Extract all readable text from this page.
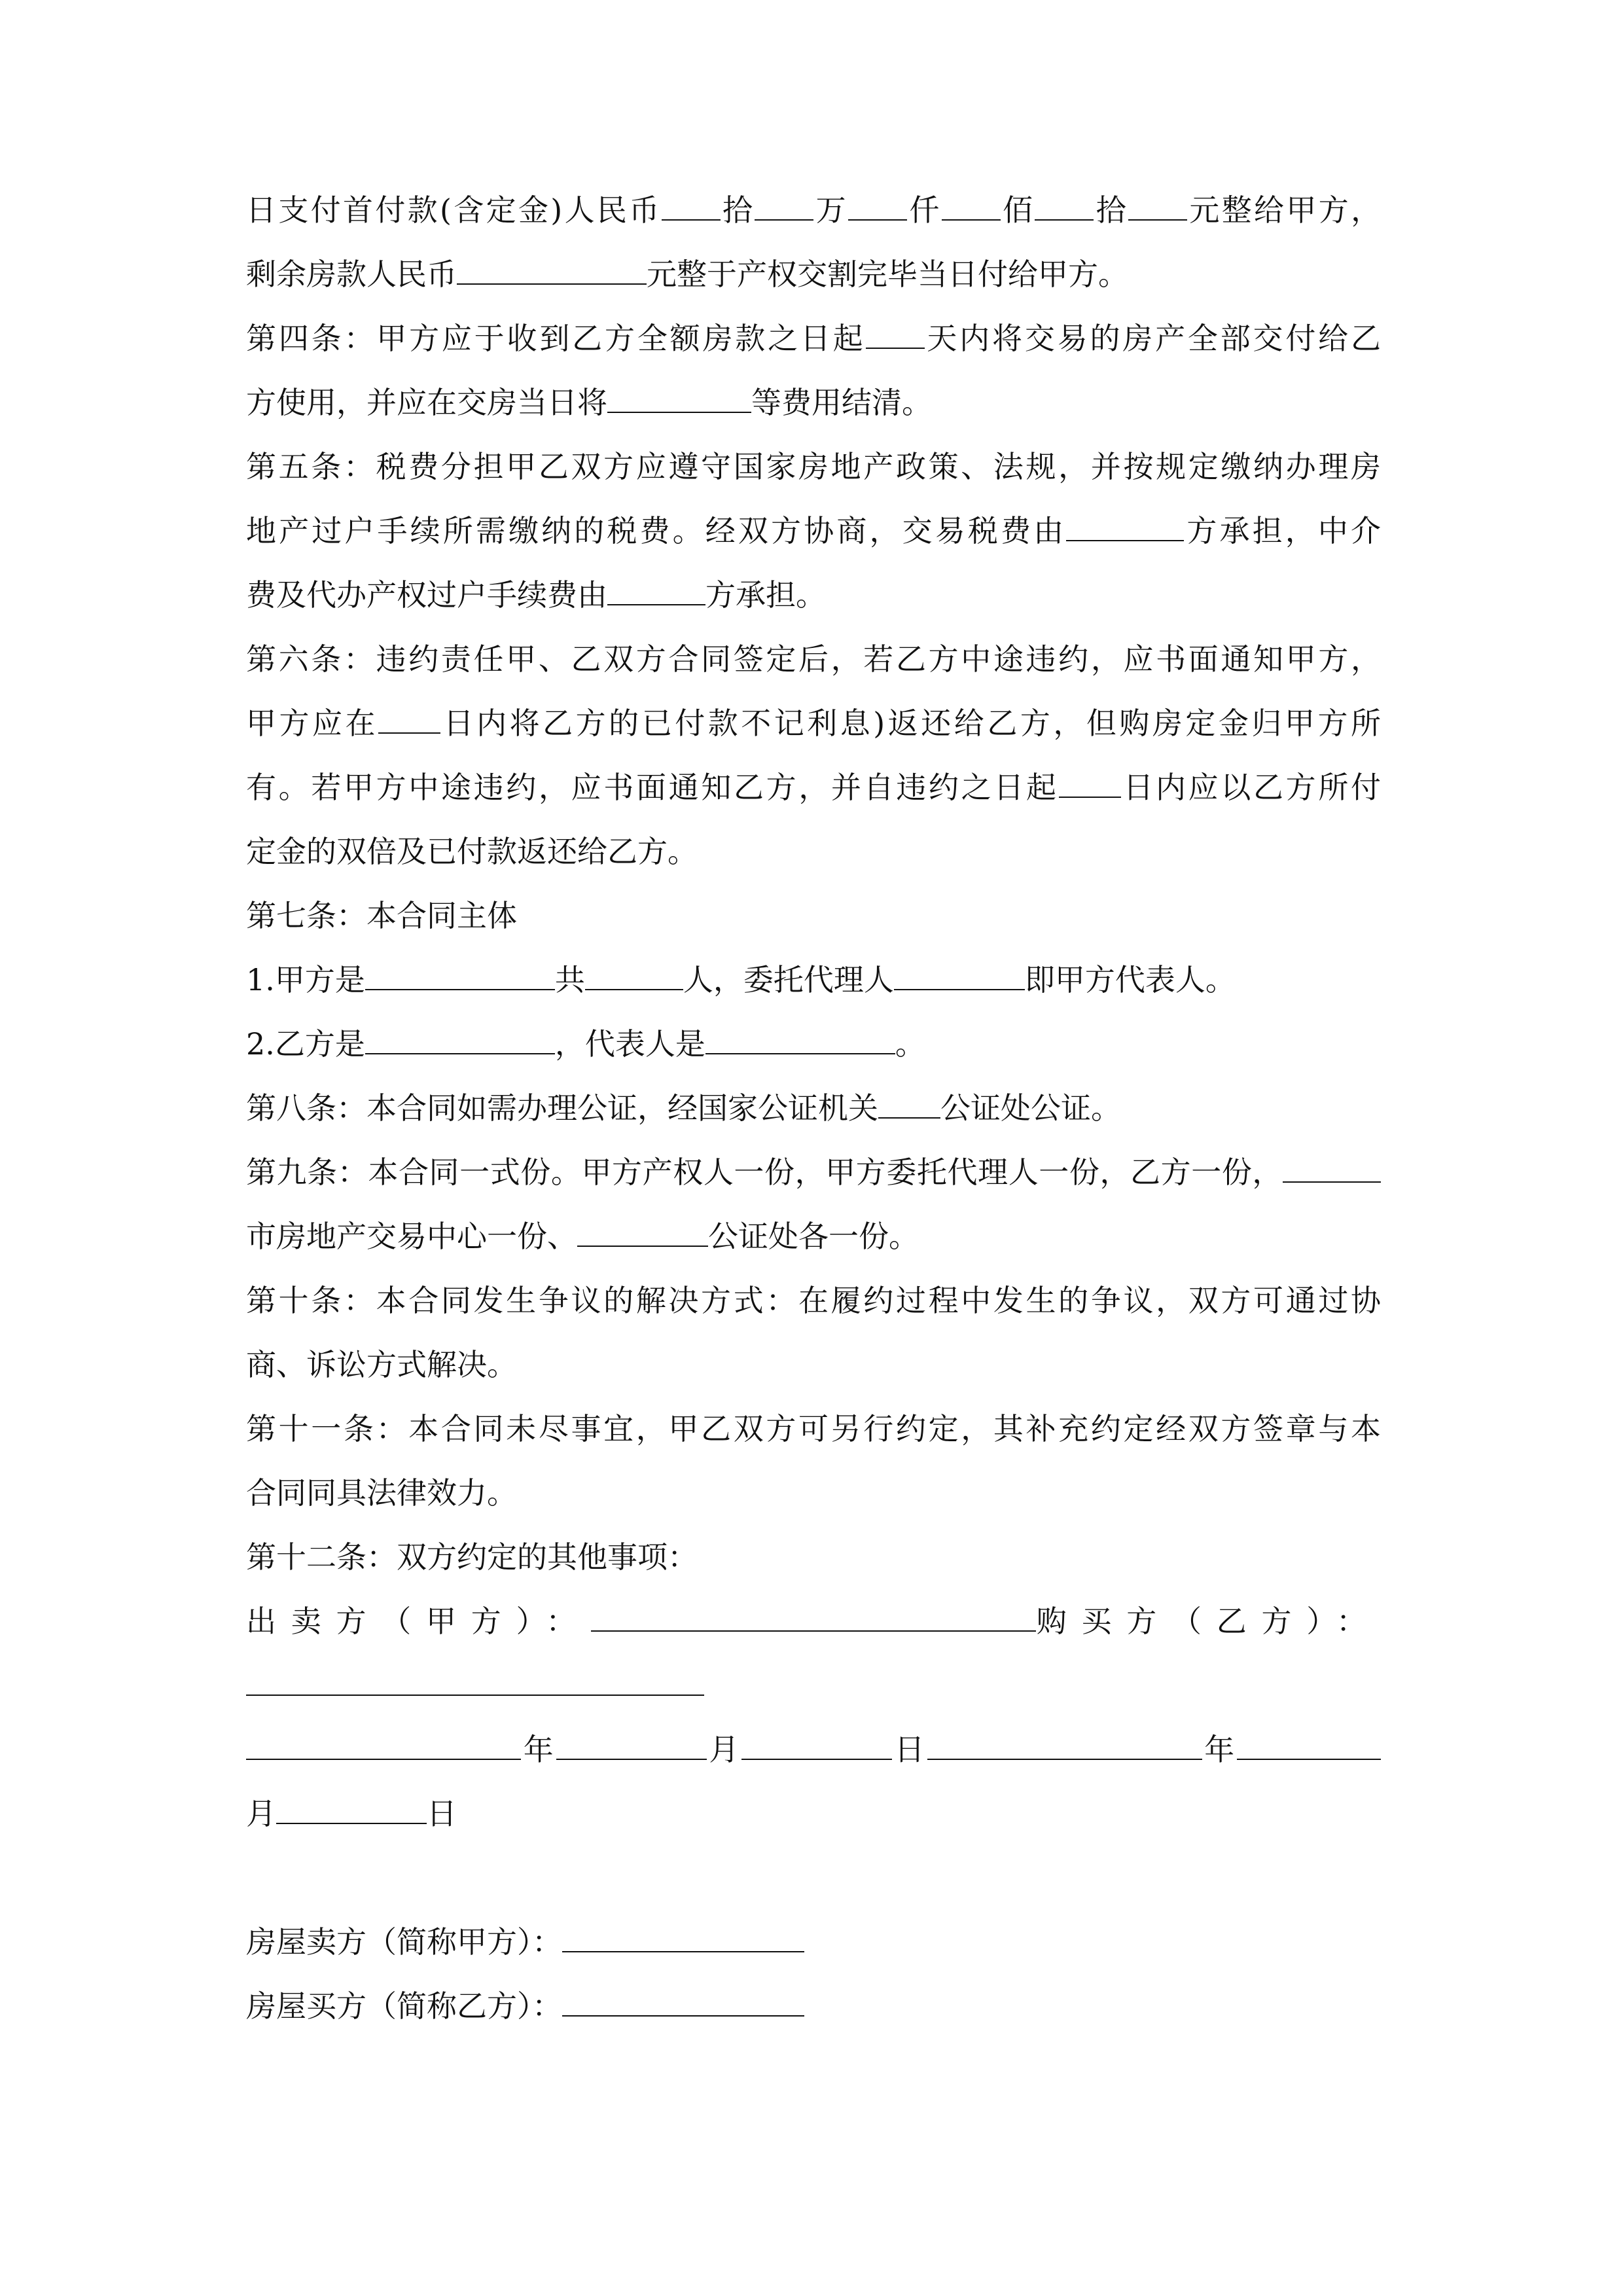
日支付首付款(含定金)人民币 拾 万 仟 佰 拾 元整给甲方，
剩余房款人民币	元整于产权交割完毕当日付给甲方。
第四条：甲方应于收到乙方全额房款之日起 天内将交易的房产全部交付给乙
方使用，并应在交房当日将	等费用结清。
第五条：税费分担甲乙双方应遵守国家房地产政策、法规，并按规定缴纳办理房
地产过户手续所需缴纳的税费。经双方协商，交易税费由	方承担，中介
费及代办产权过户手续费由	方承担。
第六条：违约责任甲、乙双方合同签定后，若乙方中途违约，应书面通知甲方，
甲方应在 日内将乙方的已付款不记利息)返还给乙方，但购房定金归甲方所
有。若甲方中途违约，应书面通知乙方，并自违约之日起 日内应以乙方所付
定金的双倍及已付款返还给乙方。
第七条：本合同主体
1.甲方是	共	人，委托代理人	即甲方代表人。
2.乙方是	，代表人是	。
第八条：本合同如需办理公证，经国家公证机关 公证处公证。
第九条：本合同一式份。甲方产权人一份，甲方委托代理人一份，乙方一份，
市房地产交易中心一份、	公证处各一份。
第十条：本合同发生争议的解决方式：在履约过程中发生的争议，双方可通过协
商、诉讼方式解决。
第十一条：本合同未尽事宜，甲乙双方可另行约定，其补充约定经双方签章与本
合同同具法律效力。
第十二条：双方约定的其他事项：
出卖方（甲方）：	购买方（乙方）：
年	月	日	年
月	日
房屋卖方（简称甲方）：
房屋买方（简称乙方）：
